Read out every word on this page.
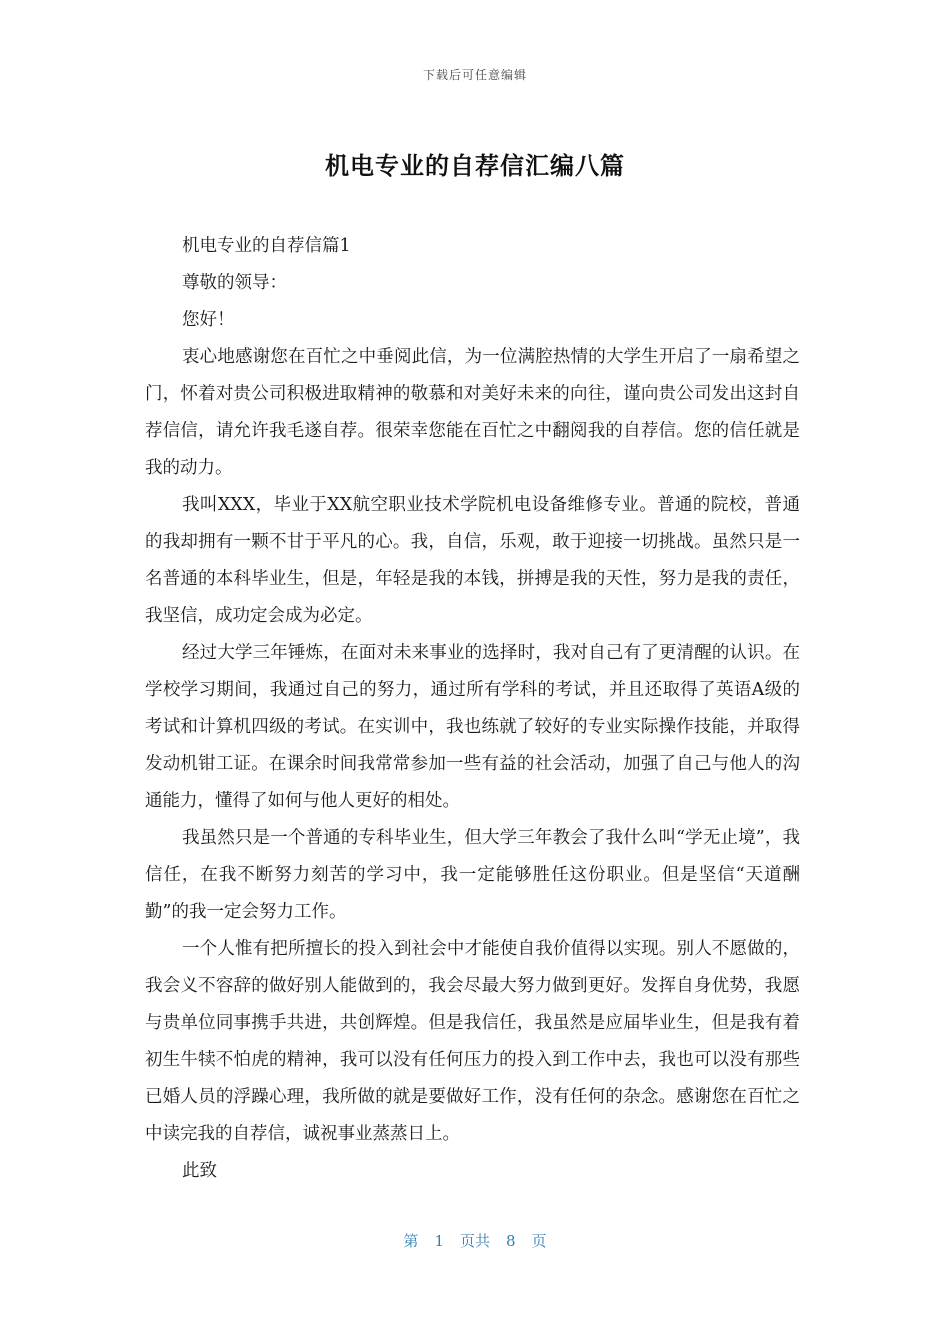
下载后可任意编辑
机电专业的自荐信汇编八篇

机电专业的自荐信篇1

尊敬的领导：

您好！

衷心地感谢您在百忙之中垂阅此信，为一位满腔热情的大学生开启了一扇希望之门，怀着对贵公司积极进取精神的敬慕和对美好未来的向往，谨向贵公司发出这封自荐信信，请允许我毛遂自荐。很荣幸您能在百忙之中翻阅我的自荐信。您的信任就是我的动力。

我叫XXX，毕业于XX航空职业技术学院机电设备维修专业。普通的院校，普通的我却拥有一颗不甘于平凡的心。我，自信，乐观，敢于迎接一切挑战。虽然只是一名普通的本科毕业生，但是，年轻是我的本钱，拼搏是我的天性，努力是我的责任，我坚信，成功定会成为必定。

经过大学三年锤炼，在面对未来事业的选择时，我对自己有了更清醒的认识。在学校学习期间，我通过自己的努力，通过所有学科的考试，并且还取得了英语A级的考试和计算机四级的考试。在实训中，我也练就了较好的专业实际操作技能，并取得发动机钳工证。在课余时间我常常参加一些有益的社会活动，加强了自己与他人的沟通能力，懂得了如何与他人更好的相处。

我虽然只是一个普通的专科毕业生，但大学三年教会了我什么叫“学无止境”，我信任，在我不断努力刻苦的学习中，我一定能够胜任这份职业。但是坚信“天道酬勤”的我一定会努力工作。

一个人惟有把所擅长的投入到社会中才能使自我价值得以实现。别人不愿做的，我会义不容辞的做好别人能做到的，我会尽最大努力做到更好。发挥自身优势，我愿与贵单位同事携手共进，共创辉煌。但是我信任，我虽然是应届毕业生，但是我有着初生牛犊不怕虎的精神，我可以没有任何压力的投入到工作中去，我也可以没有那些已婚人员的浮躁心理，我所做的就是要做好工作，没有任何的杂念。感谢您在百忙之中读完我的自荐信，诚祝事业蒸蒸日上。

此致

第 1 页共 8 页
